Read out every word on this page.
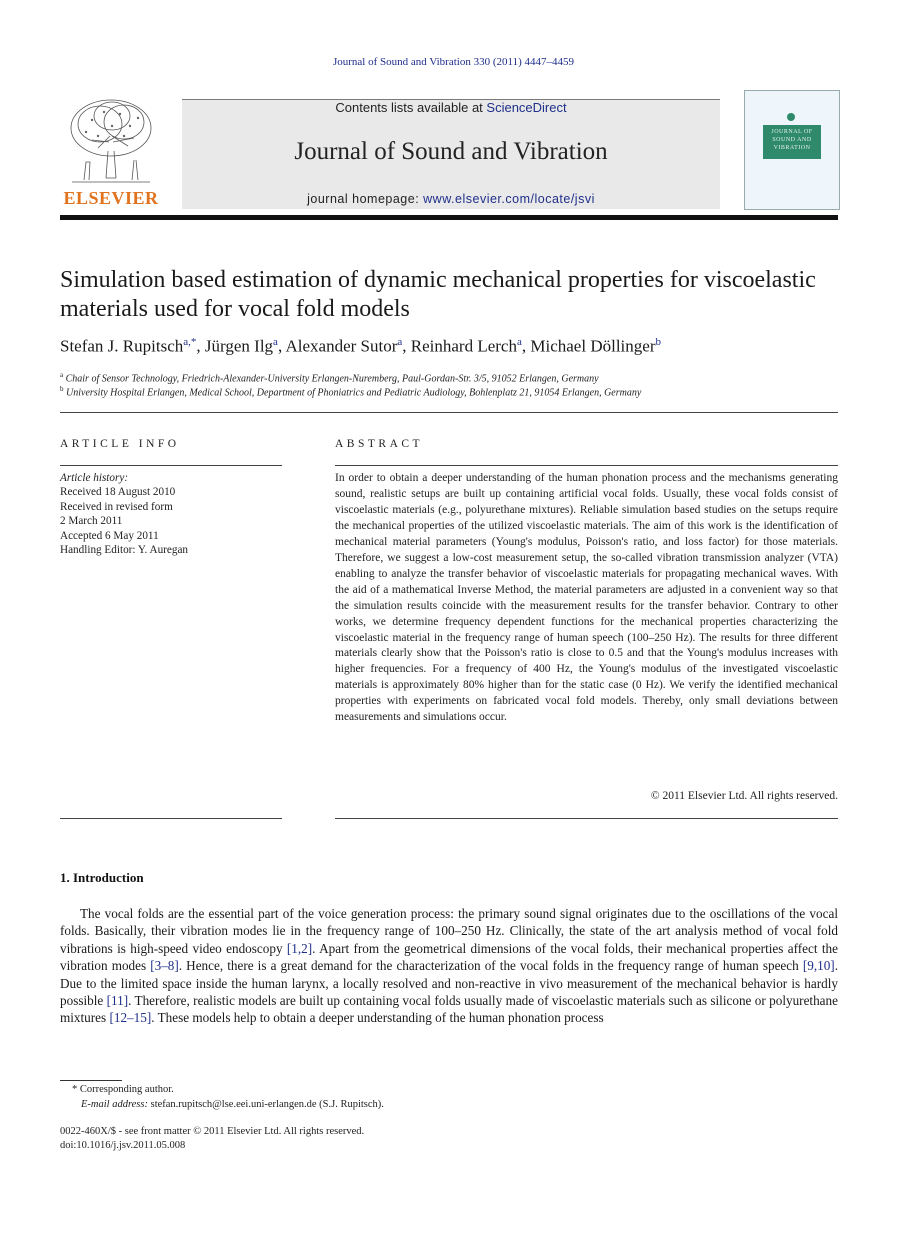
Journal of Sound and Vibration 330 (2011) 4447–4459
ELSEVIER
Contents lists available at ScienceDirect
Journal of Sound and Vibration
journal homepage: www.elsevier.com/locate/jsvi
JOURNAL OF SOUND AND VIBRATION
Simulation based estimation of dynamic mechanical properties for viscoelastic materials used for vocal fold models
Stefan J. Rupitsch$^{a,*}$, Jürgen Ilg$^a$, Alexander Sutor$^a$, Reinhard Lerch$^a$, Michael Döllinger$^b$
$^a$ Chair of Sensor Technology, Friedrich-Alexander-University Erlangen-Nuremberg, Paul-Gordan-Str. 3/5, 91052 Erlangen, Germany
$^b$ University Hospital Erlangen, Medical School, Department of Phoniatrics and Pediatric Audiology, Bohlenplatz 21, 91054 Erlangen, Germany
ARTICLE INFO	ABSTRACT
Article history:
Received 18 August 2010
Received in revised form
2 March 2011
Accepted 6 May 2011
Handling Editor: Y. Auregan
In order to obtain a deeper understanding of the human phonation process and the mechanisms generating sound, realistic setups are built up containing artificial vocal folds. Usually, these vocal folds consist of viscoelastic materials (e.g., polyurethane mixtures). Reliable simulation based studies on the setups require the mechanical properties of the utilized viscoelastic materials. The aim of this work is the identification of mechanical material parameters (Young's modulus, Poisson's ratio, and loss factor) for those materials. Therefore, we suggest a low-cost measurement setup, the so-called vibration transmission analyzer (VTA) enabling to analyze the transfer behavior of viscoelastic materials for propagating mechanical waves. With the aid of a mathematical Inverse Method, the material parameters are adjusted in a convenient way so that the simulation results coincide with the measurement results for the transfer behavior. Contrary to other works, we determine frequency dependent functions for the mechanical properties characterizing the viscoelastic material in the frequency range of human speech (100–250 Hz). The results for three different materials clearly show that the Poisson's ratio is close to 0.5 and that the Young's modulus increases with higher frequencies. For a frequency of 400 Hz, the Young's modulus of the investigated viscoelastic materials is approximately 80% higher than for the static case (0 Hz). We verify the identified mechanical properties with experiments on fabricated vocal fold models. Thereby, only small deviations between measurements and simulations occur.
© 2011 Elsevier Ltd. All rights reserved.
1. Introduction
The vocal folds are the essential part of the voice generation process: the primary sound signal originates due to the oscillations of the vocal folds. Basically, their vibration modes lie in the frequency range of 100–250 Hz. Clinically, the state of the art analysis method of vocal fold vibrations is high-speed video endoscopy [1,2]. Apart from the geometrical dimensions of the vocal folds, their mechanical properties affect the vibration modes [3–8]. Hence, there is a great demand for the characterization of the vocal folds in the frequency range of human speech [9,10]. Due to the limited space inside the human larynx, a locally resolved and non-reactive in vivo measurement of the mechanical behavior is hardly possible [11]. Therefore, realistic models are built up containing vocal folds usually made of viscoelastic materials such as silicone or polyurethane mixtures [12–15]. These models help to obtain a deeper understanding of the human phonation process
* Corresponding author.
E-mail address: stefan.rupitsch@lse.eei.uni-erlangen.de (S.J. Rupitsch).
0022-460X/$ - see front matter © 2011 Elsevier Ltd. All rights reserved.
doi:10.1016/j.jsv.2011.05.008
